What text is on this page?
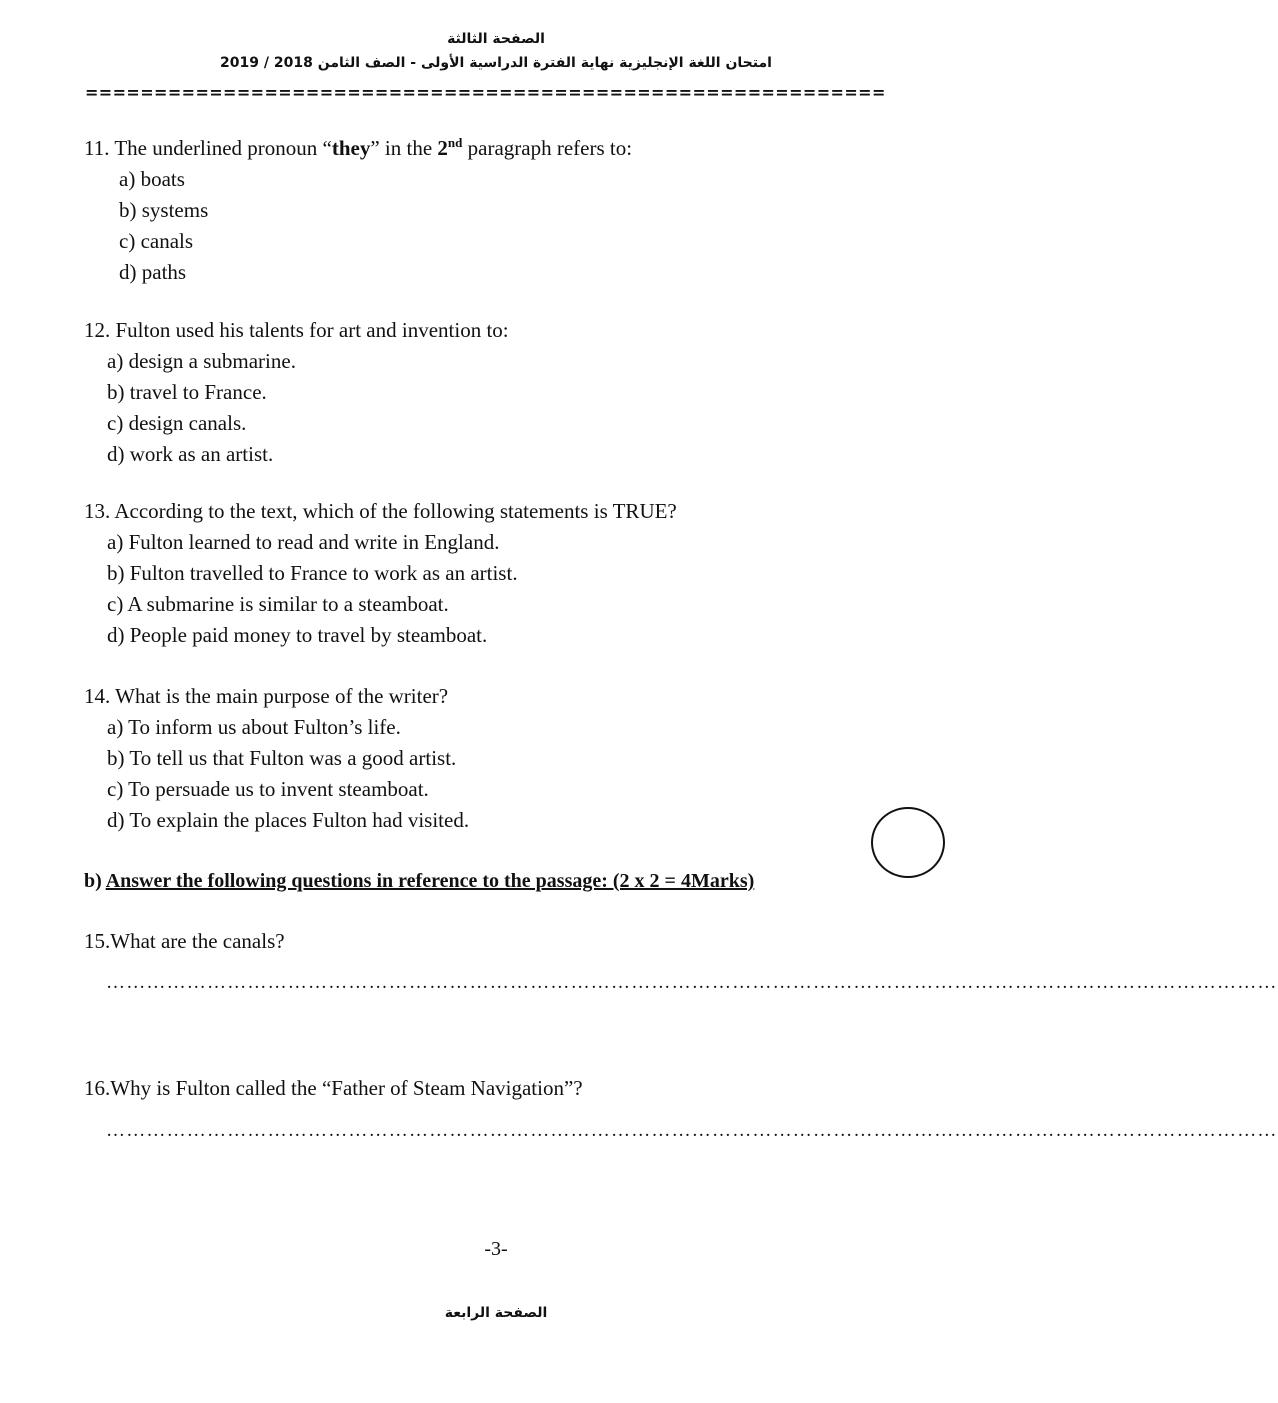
الصفحة الثالثة
امتحان اللغة الإنجليزية نهاية الفترة الدراسية الأولى - الصف الثامن 2018 / 2019
==========================================================

11. The underlined pronoun “they” in the 2nd paragraph refers to:

a) boats
b) systems
c) canals
d) paths

12. Fulton used his talents for art and invention to:

a) design a submarine.
b) travel to France.
c) design canals.
d) work as an artist.

13. According to the text, which of the following statements is TRUE?

a) Fulton learned to read and write in England.
b) Fulton travelled to France to work as an artist.
c) A submarine is similar to a steamboat.
d) People paid money to travel by steamboat.

14. What is the main purpose of the writer?

a) To inform us about Fulton’s life.
b) To tell us that Fulton was a good artist.
c) To persuade us to invent steamboat.
d) To explain the places Fulton had visited.
b) Answer the following questions in reference to the passage: (2 x 2 = 4Marks)
15.What are the canals?
…………………………………………………………………………………………………………………………………………………………
16.Why is Fulton called the “Father of Steam Navigation”?
…………………………………………………………………………………………………………………………………………………………
-3-
الصفحة الرابعة
